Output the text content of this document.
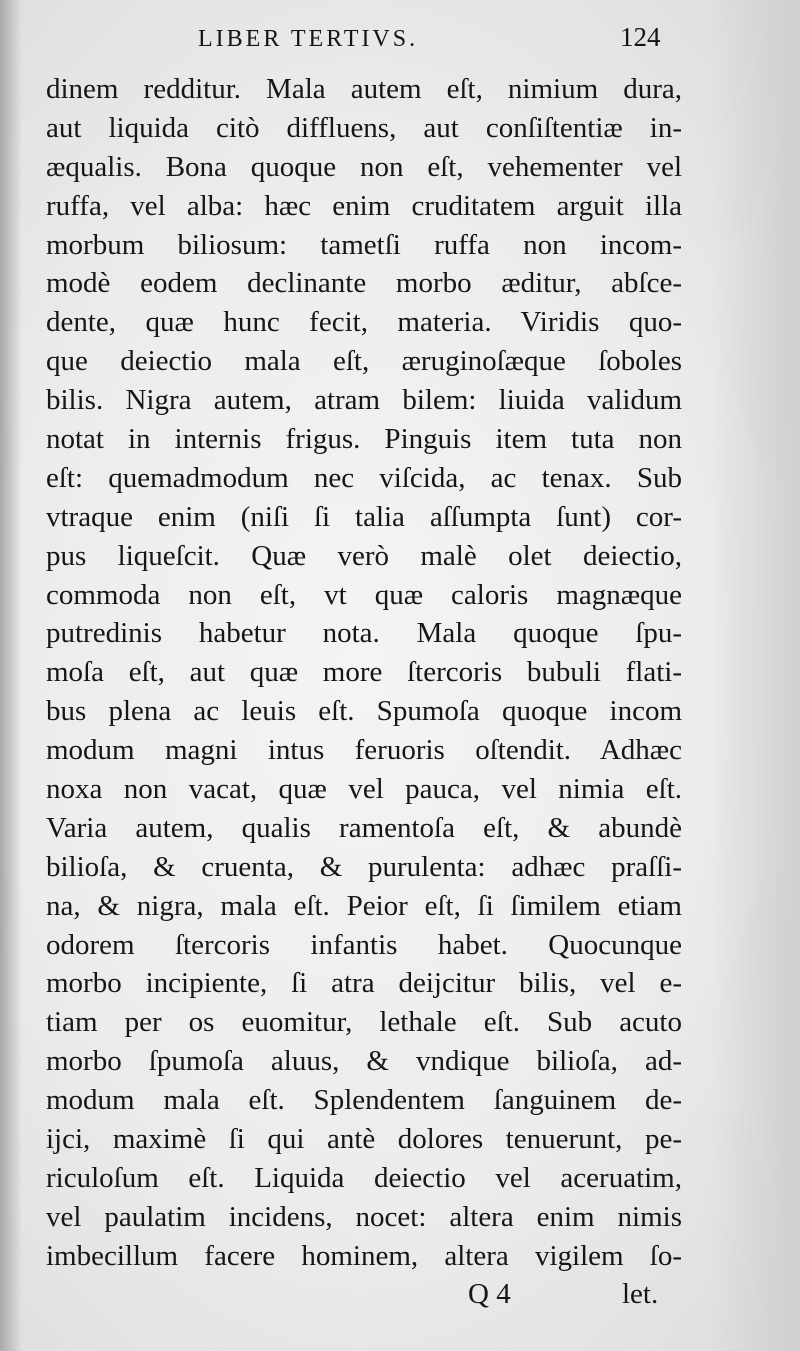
LIBER TERTIVS.	124
dinem redditur. Mala autem eſt, nimium dura,
aut liquida citò diffluens, aut conſiſtentiæ in-
æqualis. Bona quoque non eſt, vehementer vel
ruffa, vel alba: hæc enim cruditatem arguit illa
morbum biliosum: tametſi ruffa non incom-
modè eodem declinante morbo æditur, abſce-
dente, quæ hunc fecit, materia. Viridis quo-
que deiectio mala eſt, æruginoſæque ſoboles
bilis. Nigra autem, atram bilem: liuida validum
notat in internis frigus. Pinguis item tuta non
eſt: quemadmodum nec viſcida, ac tenax. Sub
vtraque enim (niſi ſi talia aſſumpta ſunt) cor-
pus liqueſcit. Quæ verò malè olet deiectio,
commoda non eſt, vt quæ caloris magnæque
putredinis habetur nota. Mala quoque ſpu-
moſa eſt, aut quæ more ſtercoris bubuli flati-
bus plena ac leuis eſt. Spumoſa quoque incom
modum magni intus feruoris oſtendit. Adhæc
noxa non vacat, quæ vel pauca, vel nimia eſt.
Varia autem, qualis ramentoſa eſt, & abundè
bilioſa, & cruenta, & purulenta: adhæc praſſi-
na, & nigra, mala eſt. Peior eſt, ſi ſimilem etiam
odorem ſtercoris infantis habet. Quocunque
morbo incipiente, ſi atra deijcitur bilis, vel e-
tiam per os euomitur, lethale eſt. Sub acuto
morbo ſpumoſa aluus, & vndique bilioſa, ad-
modum mala eſt. Splendentem ſanguinem de-
ijci, maximè ſi qui antè dolores tenuerunt, pe-
riculoſum eſt. Liquida deiectio vel aceruatim,
vel paulatim incidens, nocet: altera enim nimis
imbecillum facere hominem, altera vigilem ſo-
Q 4	let.
